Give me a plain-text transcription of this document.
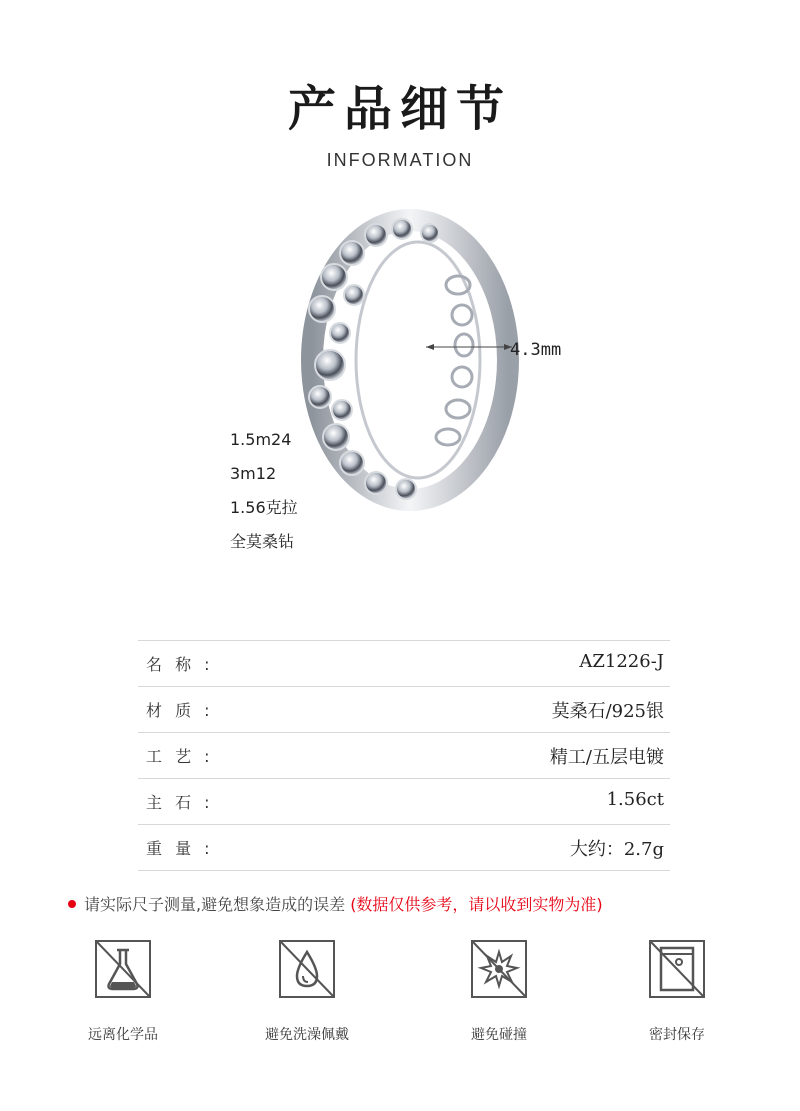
产品细节
INFORMATION
4.3mm
1.5m24
3m12
1.56克拉
全莫桑钻
名 称 :	AZ1226-J
材 质 :	莫桑石/925银
工 艺 :	精工/五层电镀
主 石 :	1.56ct
重 量 :	大约：2.7g
请实际尺子测量,避免想象造成的误差 (数据仅供参考，请以收到实物为准)
远离化学品	避免洗澡佩戴	避免碰撞	密封保存
